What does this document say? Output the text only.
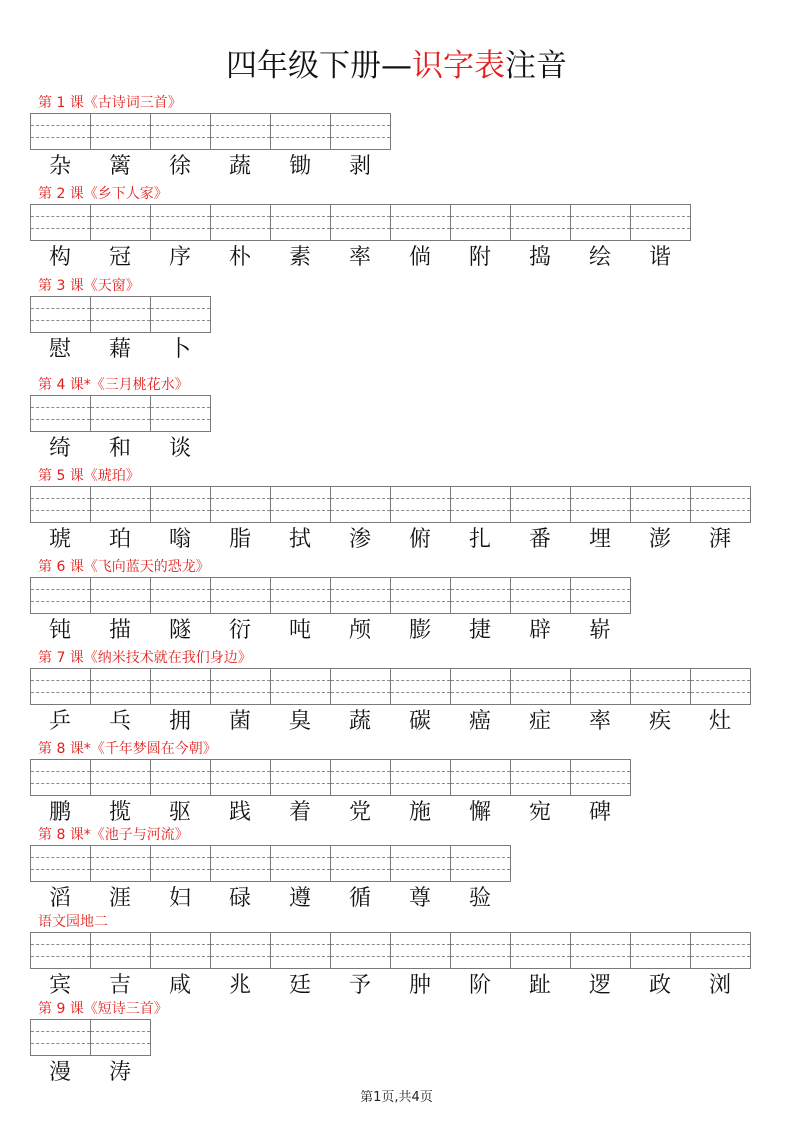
四年级下册—识字表注音
第 1 课《古诗词三首》
杂	篱	徐	蔬	锄	剥
第 2 课《乡下人家》
构	冠	序	朴	素	率	倘	附	捣	绘	谐
第 3 课《天窗》
慰	藉	卜
第 4 课*《三月桃花水》
绮	和	谈
第 5 课《琥珀》
琥	珀	嗡	脂	拭	渗	俯	扎	番	埋	澎	湃
第 6 课《飞向蓝天的恐龙》
钝	描	隧	衍	吨	颅	膨	捷	辟	崭
第 7 课《纳米技术就在我们身边》
乒	乓	拥	菌	臭	蔬	碳	癌	症	率	疾	灶
第 8 课*《千年梦圆在今朝》
鹏	揽	驱	践	着	党	施	懈	宛	碑
第 8 课*《池子与河流》
滔	涯	妇	碌	遵	循	尊	验
语文园地二
宾	吉	咸	兆	廷	予	肿	阶	趾	逻	政	浏
第 9 课《短诗三首》
漫	涛
第1页,共4页
